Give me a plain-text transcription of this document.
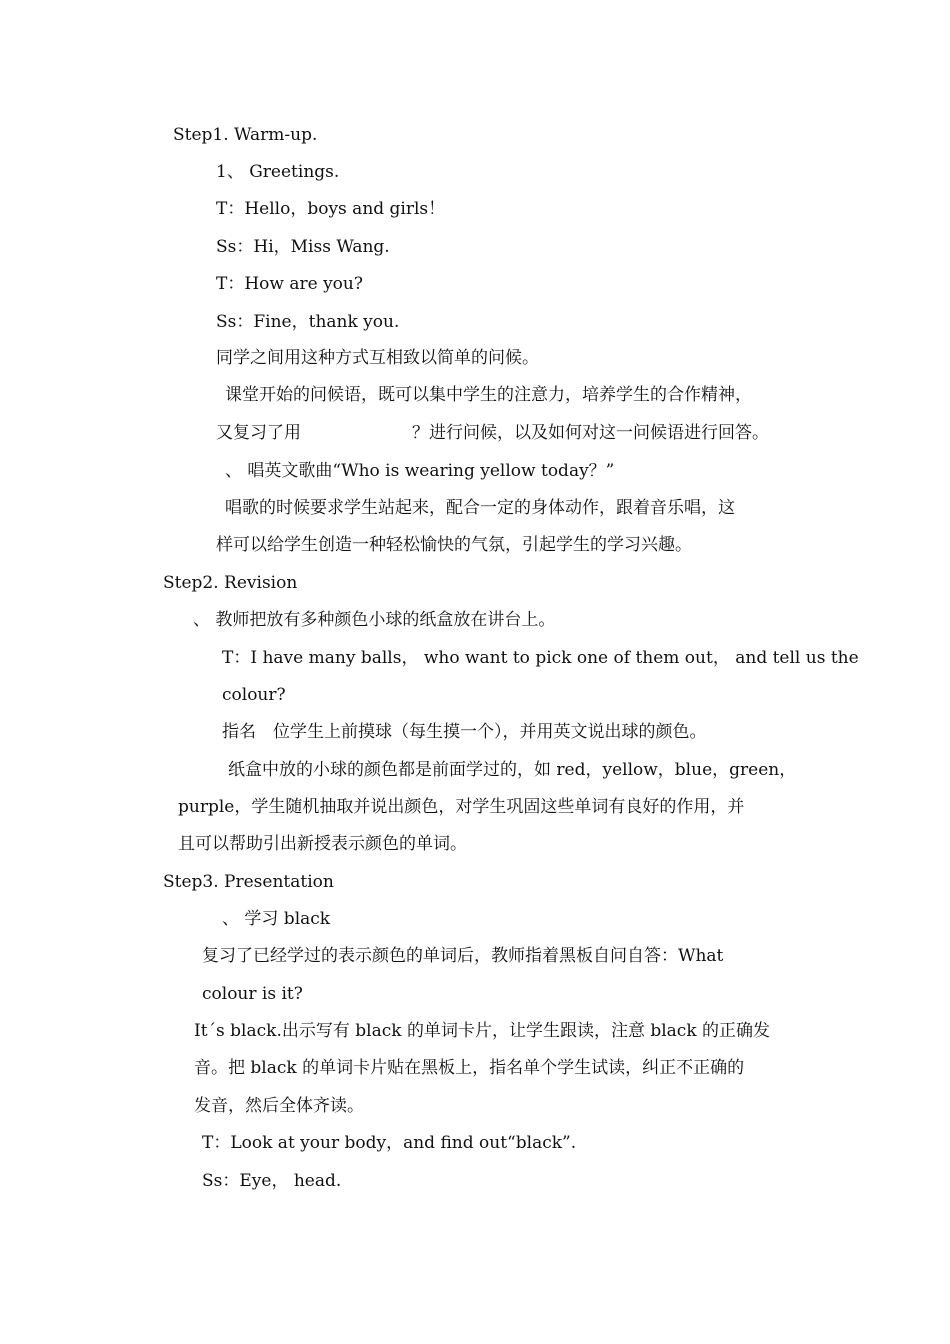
Step1. Warm-up.
1、 Greetings.
T：Hello，boys and girls！
Ss：Hi，Miss Wang.
T：How are you?
Ss：Fine，thank you.
同学之间用这种方式互相致以简单的问候。
课堂开始的问候语，既可以集中学生的注意力，培养学生的合作精神，
又复习了用	？进行问候，以及如何对这一问候语进行回答。
、 唱英文歌曲“Who is wearing yellow today？”
唱歌的时候要求学生站起来，配合一定的身体动作，跟着音乐唱，这
样可以给学生创造一种轻松愉快的气氛，引起学生的学习兴趣。
Step2. Revision
、 教师把放有多种颜色小球的纸盒放在讲台上。
T：I have many balls， who want to pick one of them out， and tell us the
colour?
指名　位学生上前摸球（每生摸一个），并用英文说出球的颜色。
纸盒中放的小球的颜色都是前面学过的，如 red，yellow，blue，green，
purple，学生随机抽取并说出颜色，对学生巩固这些单词有良好的作用，并
且可以帮助引出新授表示颜色的单词。
Step3. Presentation
、 学习 black
复习了已经学过的表示颜色的单词后，教师指着黑板自问自答：What
colour is it?
It´s black.出示写有 black 的单词卡片，让学生跟读，注意 black 的正确发
音。把 black 的单词卡片贴在黑板上，指名单个学生试读，纠正不正确的
发音，然后全体齐读。
T：Look at your body，and find out“black”.
Ss：Eye， head.
